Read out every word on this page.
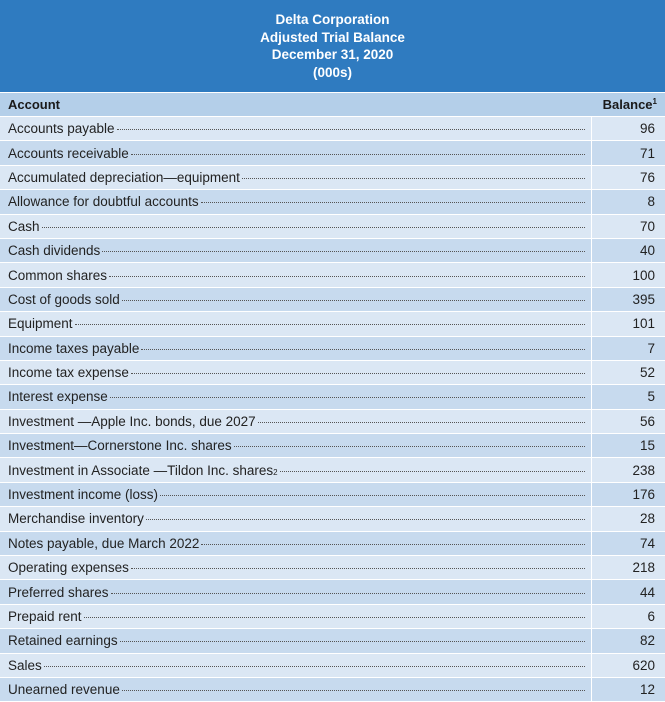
Delta Corporation
Adjusted Trial Balance
December 31, 2020
(000s)
Account	Balance$^1$
Accounts payable	96
Accounts receivable	71
Accumulated depreciation—equipment	76
Allowance for doubtful accounts	8
Cash	70
Cash dividends	40
Common shares	100
Cost of goods sold	395
Equipment	101
Income taxes payable	7
Income tax expense	52
Interest expense	5
Investment —Apple Inc. bonds, due 2027	56
Investment—Cornerstone Inc. shares	15
Investment in Associate —Tildon Inc. shares 2	238
Investment income (loss)	176
Merchandise inventory	28
Notes payable, due March 2022	74
Operating expenses	218
Preferred shares	44
Prepaid rent	6
Retained earnings	82
Sales	620
Unearned revenue	12
